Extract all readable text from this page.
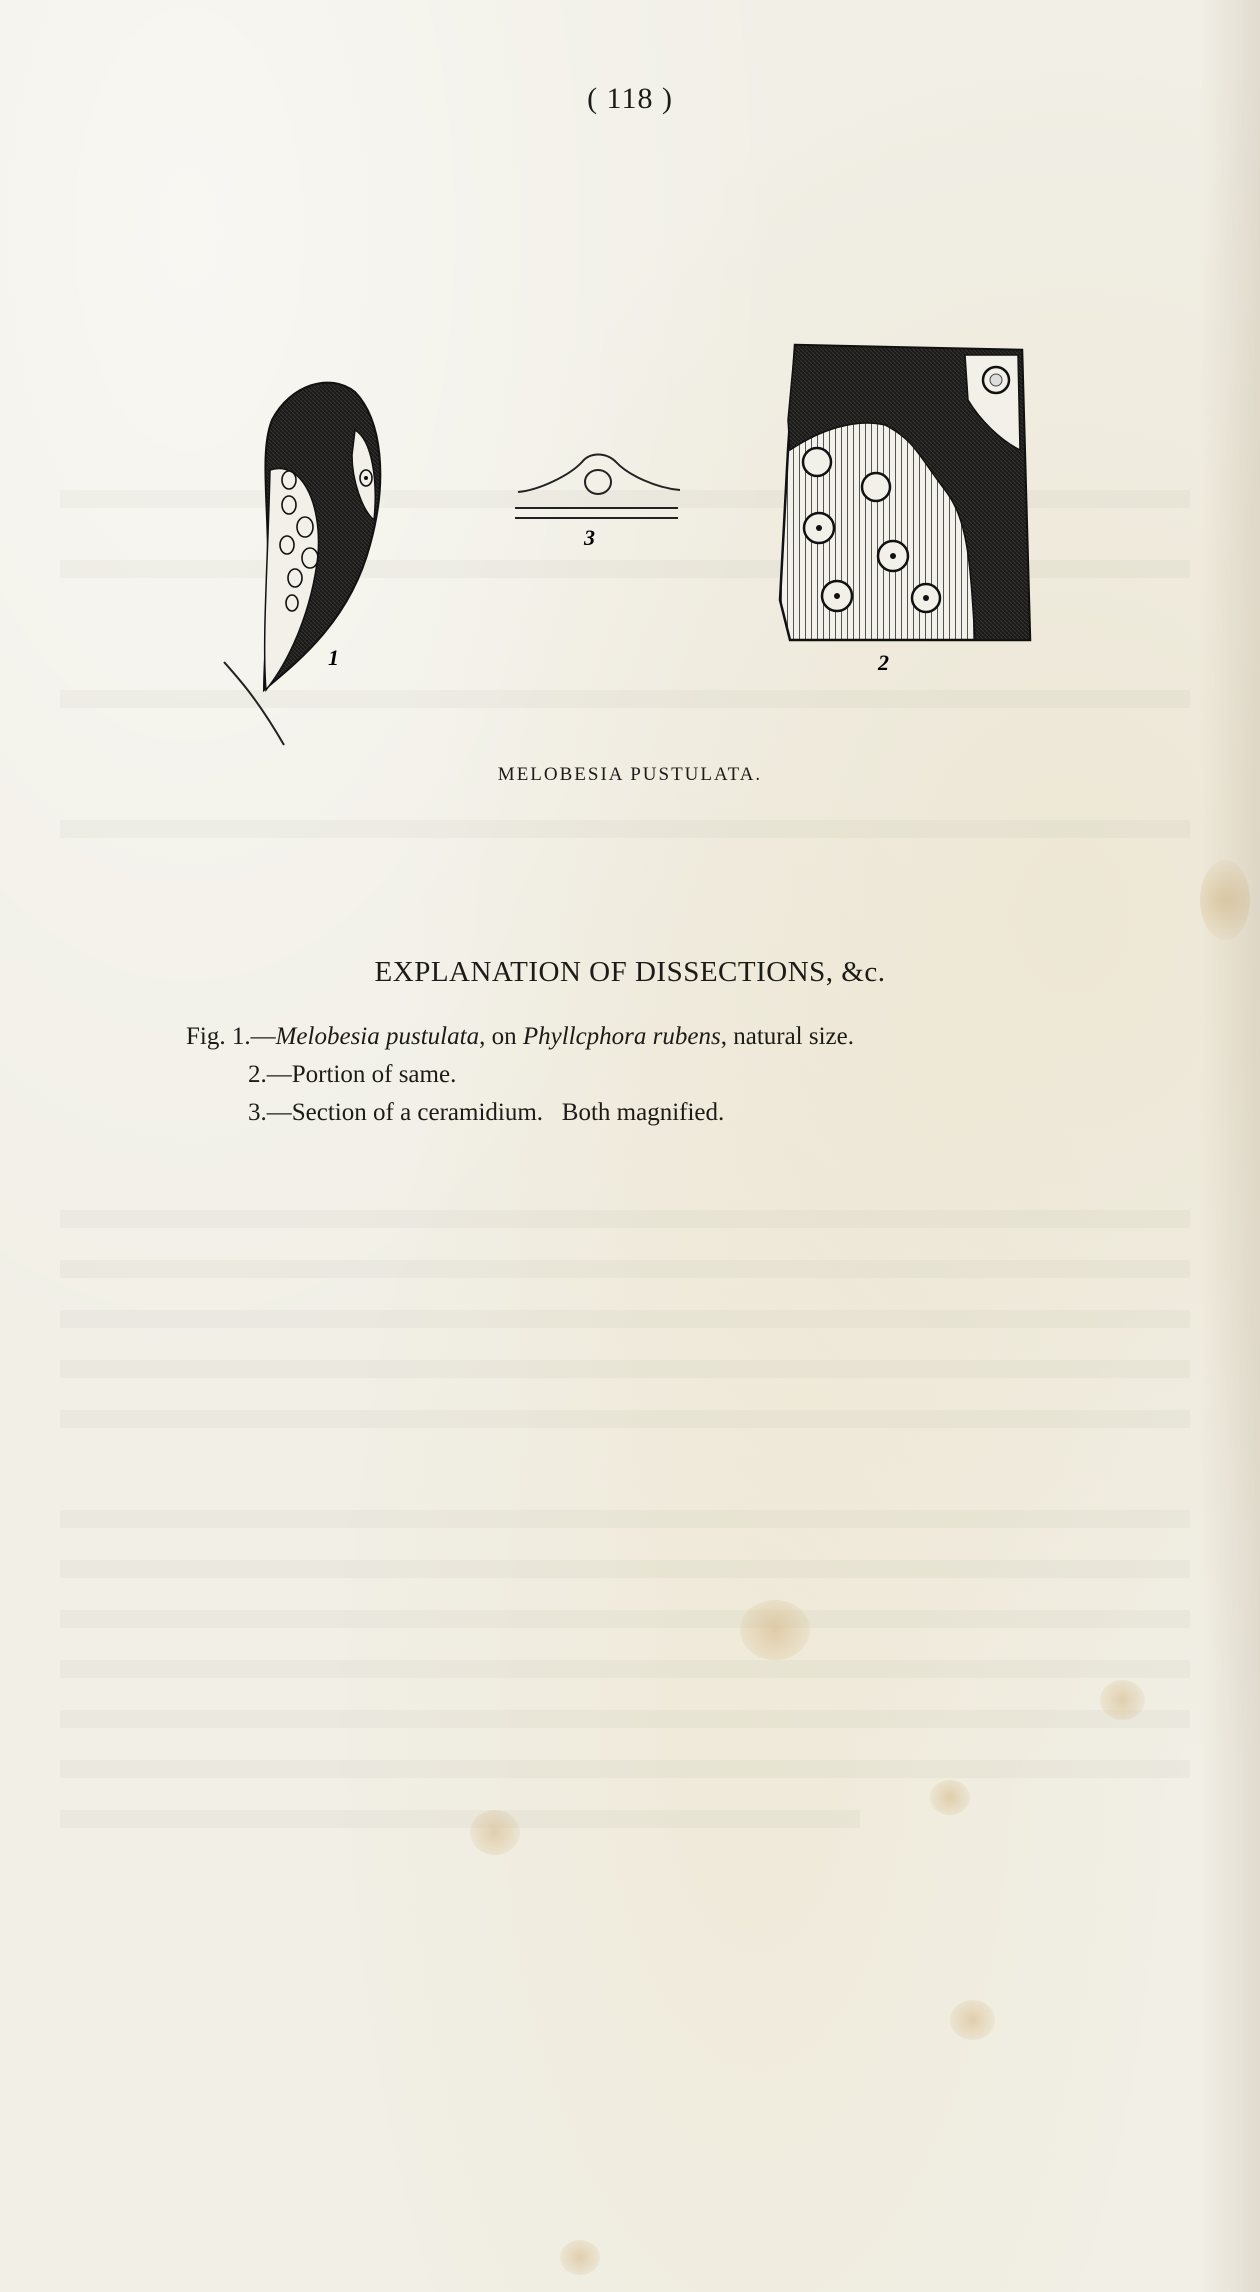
( 118 )
1
3
2
MELOBESIA PUSTULATA.
EXPLANATION OF DISSECTIONS, &c.
Fig. 1.—Melobesia pustulata, on Phyllcphora rubens, natural size.
2.—Portion of same.
3.—Section of a ceramidium.   Both magnified.
